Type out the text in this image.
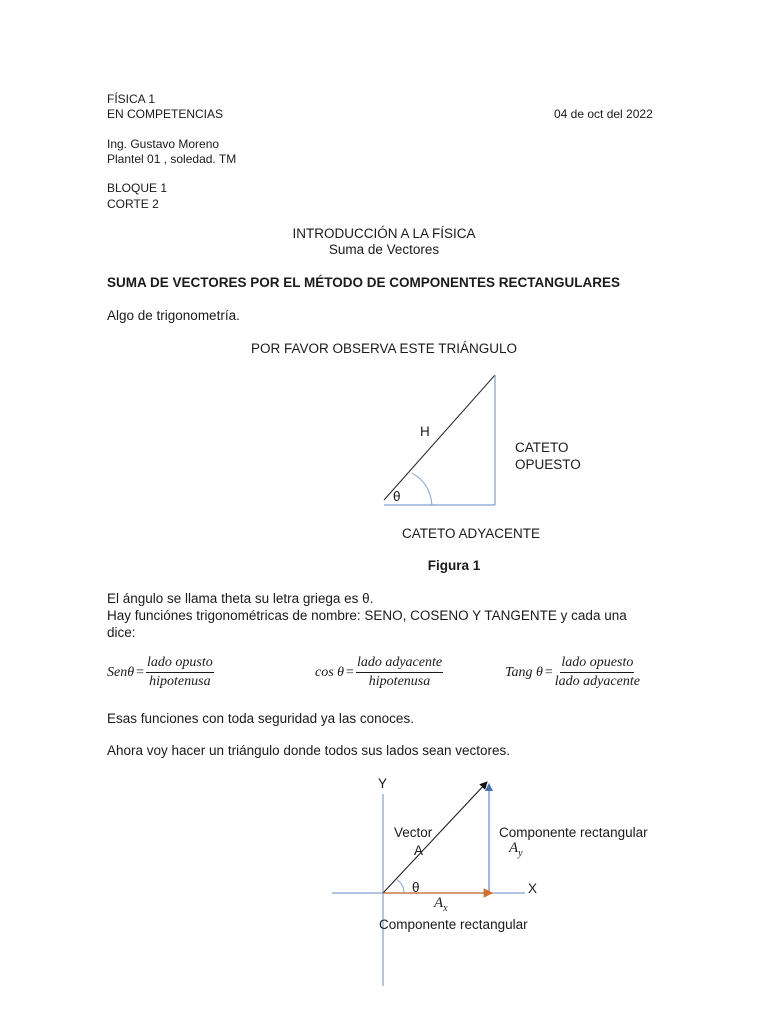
FÍSICA 1
EN COMPETENCIAS	04 de oct del 2022
Ing. Gustavo Moreno
Plantel 01 , soledad. TM
BLOQUE 1
CORTE 2
INTRODUCCIÓN A LA FÍSICA
Suma de Vectores
SUMA DE VECTORES POR EL MÉTODO DE COMPONENTES RECTANGULARES
Algo de trigonometría.
POR FAVOR OBSERVA ESTE TRIÁNGULO
H
CATETO
OPUESTO
θ
CATETO ADYACENTE
Figura 1
El ángulo se llama theta su letra griega es θ.
Hay funciónes trigonométricas de nombre: SENO, COSENO Y TANGENTE y cada una
dice:
$Sen\theta = \frac{\text{lado opusto}}{\text{hipotenusa}}$	$\cos \theta = \frac{\text{lado adyacente}}{\text{hipotenusa}}$	Tang $\theta = \frac{\text{lado opuesto}}{\text{lado adyacente}}$
Esas funciones con toda seguridad ya las conoces.
Ahora voy hacer un triángulo donde todos sus lados sean vectores.
Y
X
Vector
A
θ
Componente rectangular
$A_y$
$A_x$
Componente rectangular
